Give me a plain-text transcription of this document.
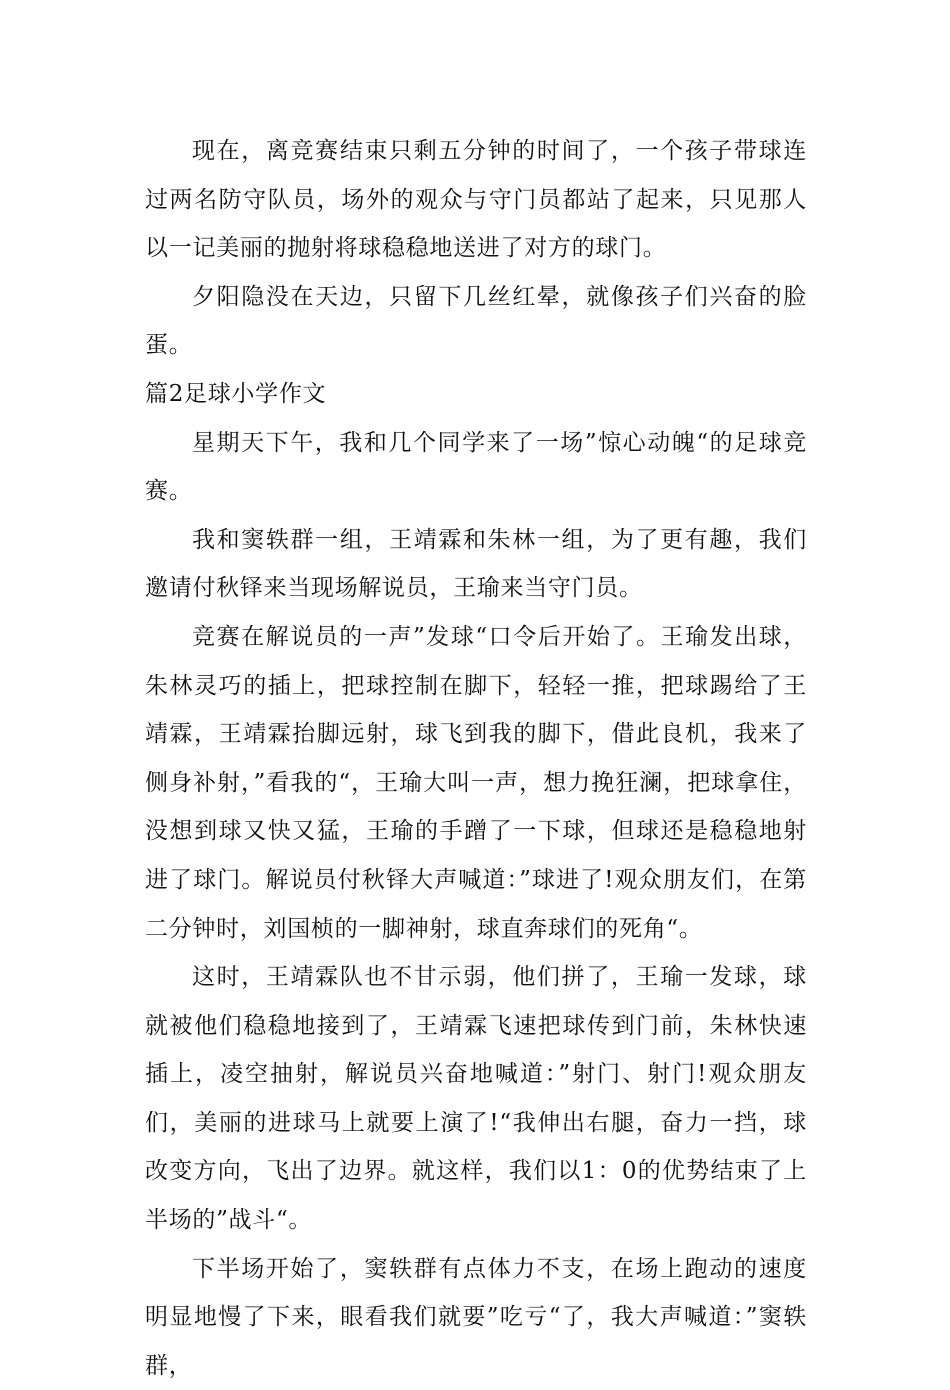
现在，离竞赛结束只剩五分钟的时间了，一个孩子带球连过两名防守队员，场外的观众与守门员都站了起来，只见那人以一记美丽的抛射将球稳稳地送进了对方的球门。

夕阳隐没在天边，只留下几丝红晕，就像孩子们兴奋的脸蛋。

篇2足球小学作文

星期天下午，我和几个同学来了一场”惊心动魄“的足球竞赛。

我和窦轶群一组，王靖霖和朱林一组，为了更有趣，我们邀请付秋铎来当现场解说员，王瑜来当守门员。

竞赛在解说员的一声”发球“口令后开始了。王瑜发出球，朱林灵巧的插上，把球控制在脚下，轻轻一推，把球踢给了王靖霖，王靖霖抬脚远射，球飞到我的脚下，借此良机，我来了侧身补射，”看我的“，王瑜大叫一声，想力挽狂澜，把球拿住，没想到球又快又猛，王瑜的手蹭了一下球，但球还是稳稳地射进了球门。解说员付秋铎大声喊道：”球进了!观众朋友们，在第二分钟时，刘国桢的一脚神射，球直奔球们的死角“。

这时，王靖霖队也不甘示弱，他们拼了，王瑜一发球，球就被他们稳稳地接到了，王靖霖飞速把球传到门前，朱林快速插上，凌空抽射，解说员兴奋地喊道：”射门、射门!观众朋友们，美丽的进球马上就要上演了!“我伸出右腿，奋力一挡，球改变方向，飞出了边界。就这样，我们以1：0的优势结束了上半场的”战斗“。

下半场开始了，窦轶群有点体力不支，在场上跑动的速度明显地慢了下来，眼看我们就要”吃亏“了，我大声喊道：”窦轶群，
